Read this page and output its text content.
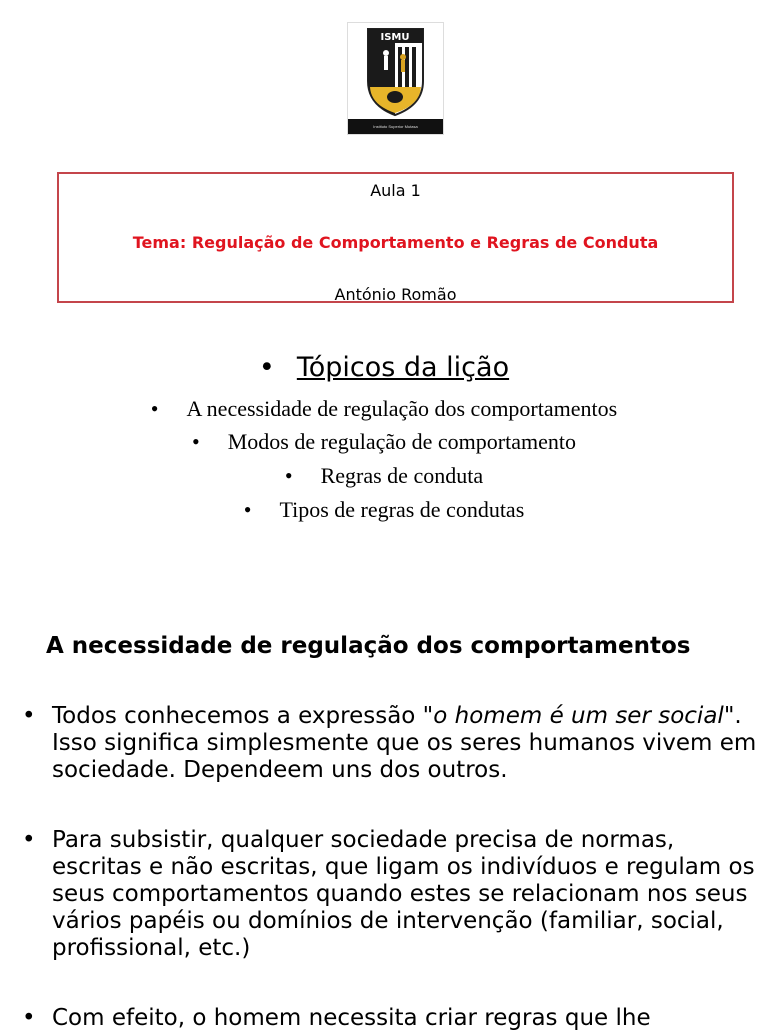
ISMU
Instituto Superior Mutasa
Aula 1
Tema: Regulação de Comportamento e Regras de Conduta
António Romão
• Tópicos da lição
• A necessidade de regulação dos comportamentos
• Modos de regulação de comportamento
• Regras de conduta
• Tipos de regras de condutas
A necessidade de regulação dos comportamentos
• Todos conhecemos a expressão "o homem é um ser social". Isso significa simplesmente que os seres humanos vivem em sociedade. Dependeem uns dos outros.
• Para subsistir, qualquer sociedade precisa de normas, escritas e não escritas, que ligam os indivíduos e regulam os seus comportamentos quando estes se relacionam nos seus vários papéis ou domínios de intervenção (familiar, social, profissional, etc.)
• Com efeito, o homem necessita criar regras que lhe
